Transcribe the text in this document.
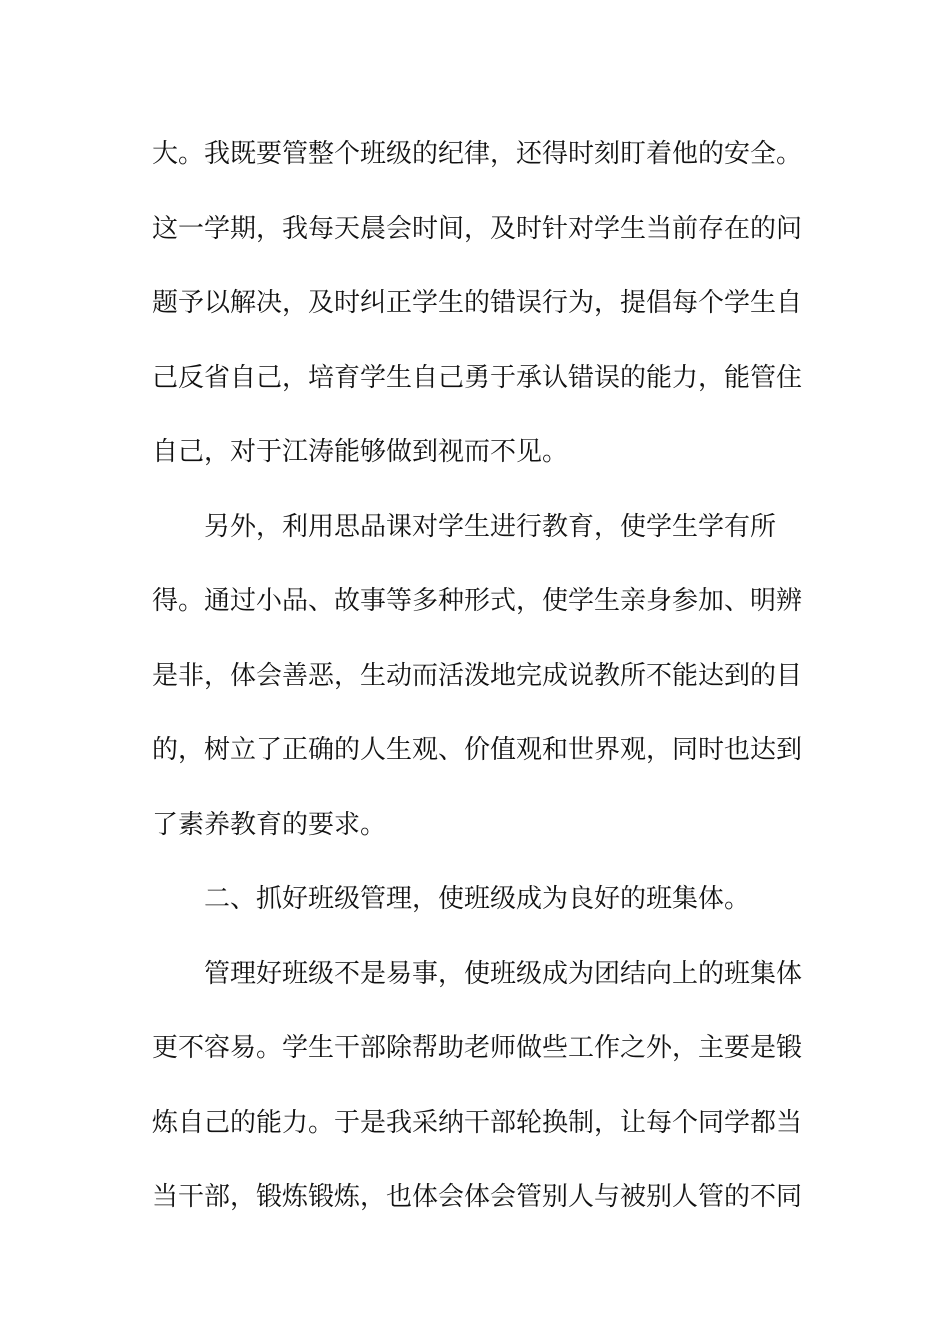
大。我既要管整个班级的纪律，还得时刻盯着他的安全。
这一学期，我每天晨会时间，及时针对学生当前存在的问
题予以解决，及时纠正学生的错误行为，提倡每个学生自
己反省自己，培育学生自己勇于承认错误的能力，能管住
自己，对于江涛能够做到视而不见。
另外，利用思品课对学生进行教育，使学生学有所
得。通过小品、故事等多种形式，使学生亲身参加、明辨
是非，体会善恶，生动而活泼地完成说教所不能达到的目
的，树立了正确的人生观、价值观和世界观，同时也达到
了素养教育的要求。
二、抓好班级管理，使班级成为良好的班集体。
管理好班级不是易事，使班级成为团结向上的班集体
更不容易。学生干部除帮助老师做些工作之外，主要是锻
炼自己的能力。于是我采纳干部轮换制，让每个同学都当
当干部，锻炼锻炼，也体会体会管别人与被别人管的不同
